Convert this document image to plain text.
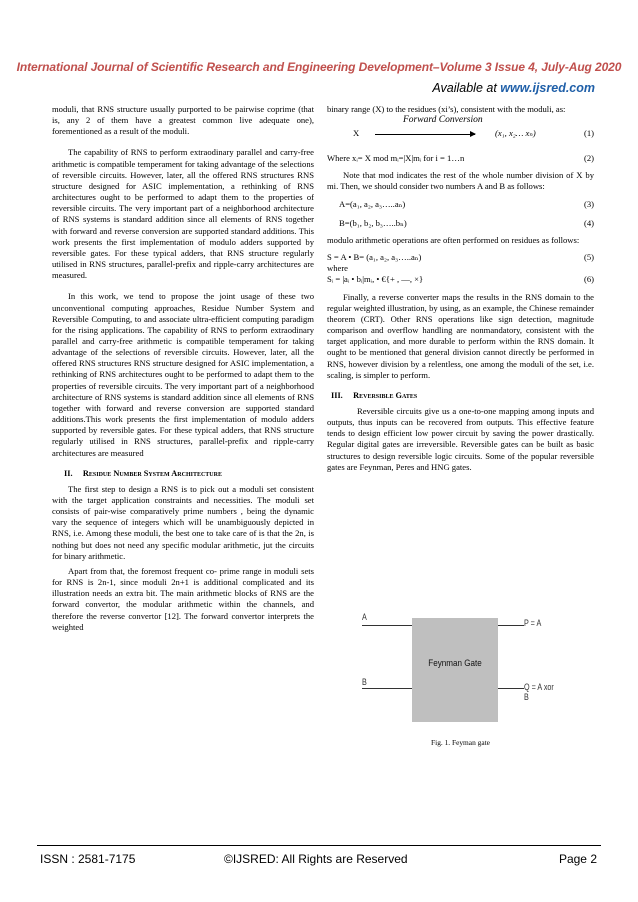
International Journal of Scientific Research and Engineering Development–Volume 3 Issue 4, July-Aug 2020
Available at www.ijsred.com

moduli, that RNS structure usually purported to be pairwise coprime (that is, any 2 of them have a greatest common live adequate one), forementioned as a result of the moduli.

The capability of RNS to perform extraodinary parallel and carry-free arithmetic is compatible temperament for taking advantage of the selections of reversible circuits. However, later, all the offered RNS structures RNS structure designed for ASIC implementation, a rethinking of RNS architectures ought to be performed to adapt them to the properties of reversible circuits. The very important part of a neighborhood architecture of RNS systems is standard addition since all elements of RNS together with forward and reverse conversion are supported standard additions. This work presents the first implementation of modulo adders supported by reversible gates. For these typical adders, that RNS structure regularly utilised in RNS structures, parallel-prefix and ripple-carry architectures are measured.

In this work, we tend to propose the joint usage of these two unconventional computing approaches, Residue Number System and Reversible Computing, to and associate ultra-efficient computing paradigm for the rising applications. The capability of RNS to perform extraodinary parallel and carry-free arithmetic is compatible temperament for taking advantage of the selections of reversible circuits. However, later, all the offered RNS structures RNS structure designed for ASIC implementation, a rethinking of RNS architectures ought to be performed to adapt them to the properties of reversible circuits. The very important part of a neighborhood architecture of RNS systems is standard addition since all elements of RNS together with forward and reverse conversion are supported standard additions.This work presents the first implementation of modulo adders supported by reversible gates. For these typical adders, that RNS structure regularly utilised in RNS structures, parallel-prefix and ripple-carry architectures are measured

II. Residue Number System Architecture

The first step to design a RNS is to pick out a moduli set consistent with the target application constraints and necessities. The moduli set consists of pair-wise comparatively prime numbers , being the dynamic vary the sequence of integers which will be unambiguously depicted in RNS, i.e. Among these moduli, the best one to take care of is that the 2n, is nothing but does not need any specific modular arithmetic, jut the circuits for binary arithmetic.

Apart from that, the foremost frequent co- prime range in moduli sets for RNS is 2n-1, since moduli 2n+1 is additional complicated and its illustration needs an extra bit. The main arithmetic blocks of RNS are the forward convertor, the modular arithmetic within the channels, and therefore the reverse convertor [12]. The forward convertor interprets the weighted

binary range (X) to the residues (xi’s), consistent with the moduli, as:

Forward Conversion
X	(x₁, x₂… xₙ)	(1)
Where xᵢ= X mod mᵢ=|X|mᵢ for i = 1…n	(2)

Note that mod indicates the rest of the whole number division of X by mi. Then, we should consider two numbers A and B as follows:

A=(a₁, a₂, a₃…..aₙ)	(3)
B=(b₁, b₂, b₃…..bₙ)	(4)

modulo arithmetic operations are often performed on residues as follows:

S = A • B= (a₁, a₂, a₃…..aₙ)	(5)

where

Sᵢ = |aᵢ • bᵢ|mᵢ, • €{+ , —, ×}	(6)

Finally, a reverse converter maps the results in the RNS domain to the regular weighted illustration, by using, as an example, the Chinese remainder theorem (CRT). Other RNS operations like sign detection, magnitude comparison and overflow handling are nonmandatory, consistent with the target application, and more durable to perform within the RNS domain. It ought to be mentioned that general division cannot directly be performed in RNS, however division by a relentless, one among the moduli of the set, i.e. scaling, is simpler to perform.

III. Reversible Gates

Reversible circuits give us a one-to-one mapping among inputs and outputs, thus inputs can be recovered from outputs. This effective feature tends to design efficient low power circuit by saving the power drastically. Regular digital gates are irreversible. Reversible gates can be built as basic structures to design reversible logic circuits. Some of the popular reversible gates are Feynman, Peres and HNG gates.

Feynman Gate
A
B
P = A
Q = A xor B
Fig. 1. Feyman gate
ISSN : 2581-7175	©IJSRED: All Rights are Reserved	Page 2
